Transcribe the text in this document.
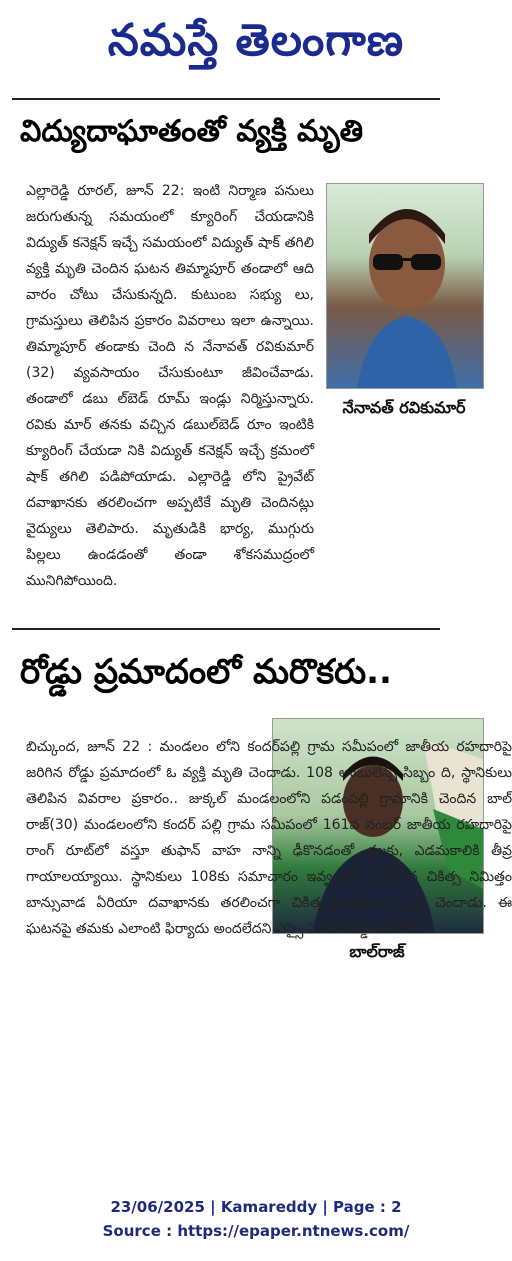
నమస్తే తెలంగాణ
విద్యుదాఘాతంతో వ్యక్తి మృతి
నేనావత్ రవికుమార్

ఎల్లారెడ్డి రూరల్, జూన్ 22: ఇంటి నిర్మాణ పనులు జరుగుతున్న సమయంలో క్యూరింగ్ చేయడానికి విద్యుత్ కనెక్షన్ ఇచ్చే సమయంలో విద్యుత్ షాక్ తగిలి వ్యక్తి మృతి చెందిన ఘటన తిమ్మాపూర్ తండాలో ఆది వారం చోటు చేసుకున్నది. కుటుంబ సభ్యు లు, గ్రామస్తులు తెలిపిన ప్రకారం వివరాలు ఇలా ఉన్నాయి. తిమ్మాపూర్ తండాకు చెంది న నేనావత్ రవికుమార్ (32) వ్యవసాయం చేసుకుంటూ జీవించేవాడు. తండాలో డబు ల్‌బెడ్ రూమ్ ఇండ్లు నిర్మిస్తున్నారు. రవికు మార్ తనకు వచ్చిన డబుల్‌బెడ్ రూం ఇంటికి క్యూరింగ్ చేయడా నికి విద్యుత్ కనెక్షన్ ఇచ్చే క్రమంలో షాక్ తగిలి పడిపోయాడు. ఎల్లారెడ్డి లోని ప్రైవేట్ దవాఖానకు తరలించగా అప్పటికే మృతి చెందినట్లు వైద్యులు తెలిపారు. మృతుడికి భార్య, ముగ్గురు పిల్లలు ఉండడంతో తండా శోకసముద్రంలో మునిగిపోయింది.

రోడ్డు ప్రమాదంలో మరొకరు..
బాల్‌రాజ్

బిచ్కుంద, జూన్ 22 : మండలం లోని కందర్‌పల్లి గ్రామ సమీపంలో జాతీయ రహదారిపై జరిగిన రోడ్డు ప్రమాదంలో ఓ వ్యక్తి మృతి చెందాడు. 108 అంబులెన్స్ సిబ్బం ది, స్థానికులు తెలిపిన వివరాల ప్రకారం.. జుక్కల్ మండలంలోని పడంపల్లి గ్రామానికి చెందిన బాల్ రాజ్(30) మండలంలోని కందర్ పల్లి గ్రామ సమీపంలో 161వ నంబర్ జాతీయ రహదారిపై రాంగ్ రూట్‌లో వస్తూ తుఫాన్ వాహ నాన్ని ఢీకొనడంతో తలకు, ఎడమకాలికి తీవ్ర గాయాలయ్యాయి. స్థానికులు 108కు సమాచారం ఇవ్వడంతో మెరుగైన చికిత్స నిమిత్తం బాన్సువాడ ఏరియా దవాఖానకు తరలించగా చికిత్సపొందుతూ మృతి చెందాడు. ఈ ఘటనపై తమకు ఎలాంటి ఫిర్యాదు అందలేదని ఎస్సై మోహన్‌రెడ్డి తెలిపారు.

23/06/2025 | Kamareddy | Page : 2
Source : https://epaper.ntnews.com/
